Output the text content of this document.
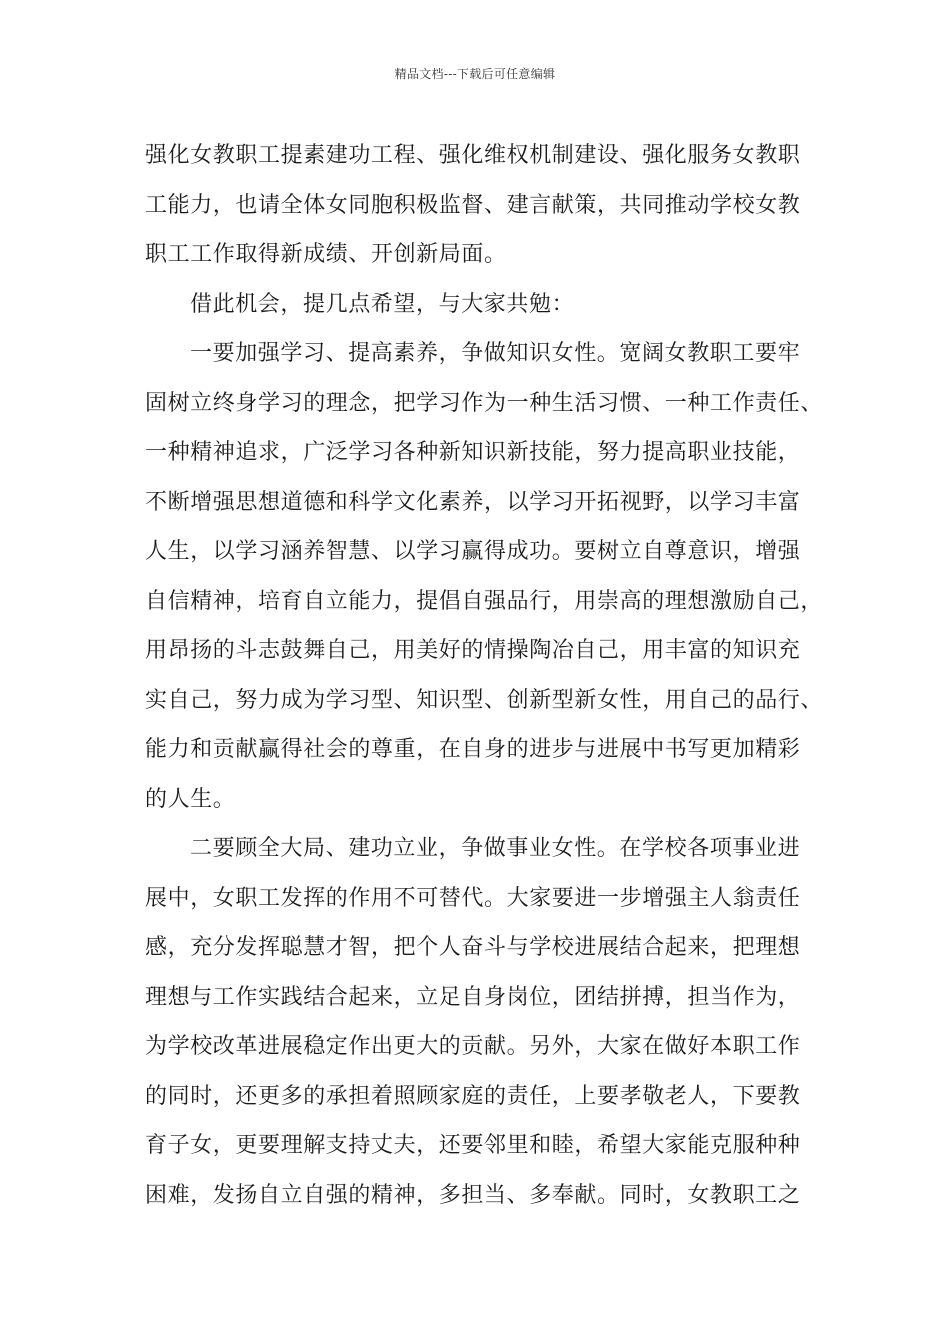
精品文档---下载后可任意编辑
强化女教职工提素建功工程、强化维权机制建设、强化服务女教职
工能力，也请全体女同胞积极监督、建言献策，共同推动学校女教
职工工作取得新成绩、开创新局面。
借此机会，提几点希望，与大家共勉：
一要加强学习、提高素养，争做知识女性。宽阔女教职工要牢
固树立终身学习的理念，把学习作为一种生活习惯、一种工作责任、
一种精神追求，广泛学习各种新知识新技能，努力提高职业技能，
不断增强思想道德和科学文化素养，以学习开拓视野，以学习丰富
人生，以学习涵养智慧、以学习赢得成功。要树立自尊意识，增强
自信精神，培育自立能力，提倡自强品行，用崇高的理想激励自己，
用昂扬的斗志鼓舞自己，用美好的情操陶冶自己，用丰富的知识充
实自己，努力成为学习型、知识型、创新型新女性，用自己的品行、
能力和贡献赢得社会的尊重，在自身的进步与进展中书写更加精彩
的人生。
二要顾全大局、建功立业，争做事业女性。在学校各项事业进
展中，女职工发挥的作用不可替代。大家要进一步增强主人翁责任
感，充分发挥聪慧才智，把个人奋斗与学校进展结合起来，把理想
理想与工作实践结合起来，立足自身岗位，团结拼搏，担当作为，
为学校改革进展稳定作出更大的贡献。另外，大家在做好本职工作
的同时，还更多的承担着照顾家庭的责任，上要孝敬老人，下要教
育子女，更要理解支持丈夫，还要邻里和睦，希望大家能克服种种
困难，发扬自立自强的精神，多担当、多奉献。同时，女教职工之
